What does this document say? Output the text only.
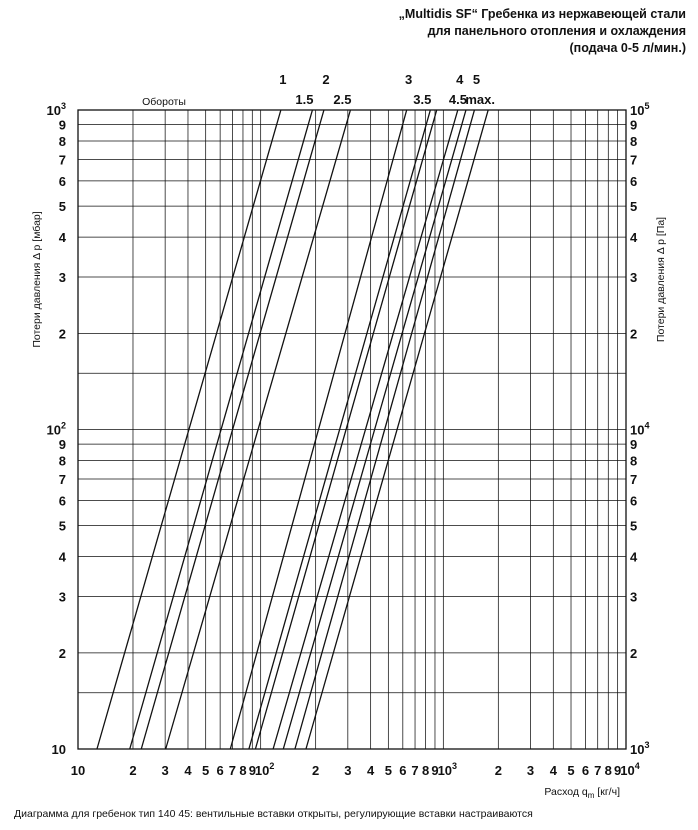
„Multidis SF“ Гребенка из нержавеющей стали
для панельного отопления и охлаждения
(подача 0-5 л/мин.)
10	2 3 4 5 6 7 8 9
$10^2$	2 3 4 5 6 7 8 9
$10^3$	2 3 4 5 6 7 8 9
$10^4$
10
2
3
4
5
6
7
8
9
$10^2$
2
3
4
5
6
7
8
9
$10^3$
$10^3$
2
3
4
5
6
7
8
9
$10^4$
2
3
4
5
6
7
8
9
$10^5$
Расход $q_m$ [кг/ч]
Потери давления Δ p [мбар]	Потери давления Δ p [Па]
Обороты
1
1.5
2
2.5
3
3.5
4
4.5
5
max.
Диаграмма для гребенок тип 140 45: вентильные вставки открыты, регулирующие вставки настраиваются
